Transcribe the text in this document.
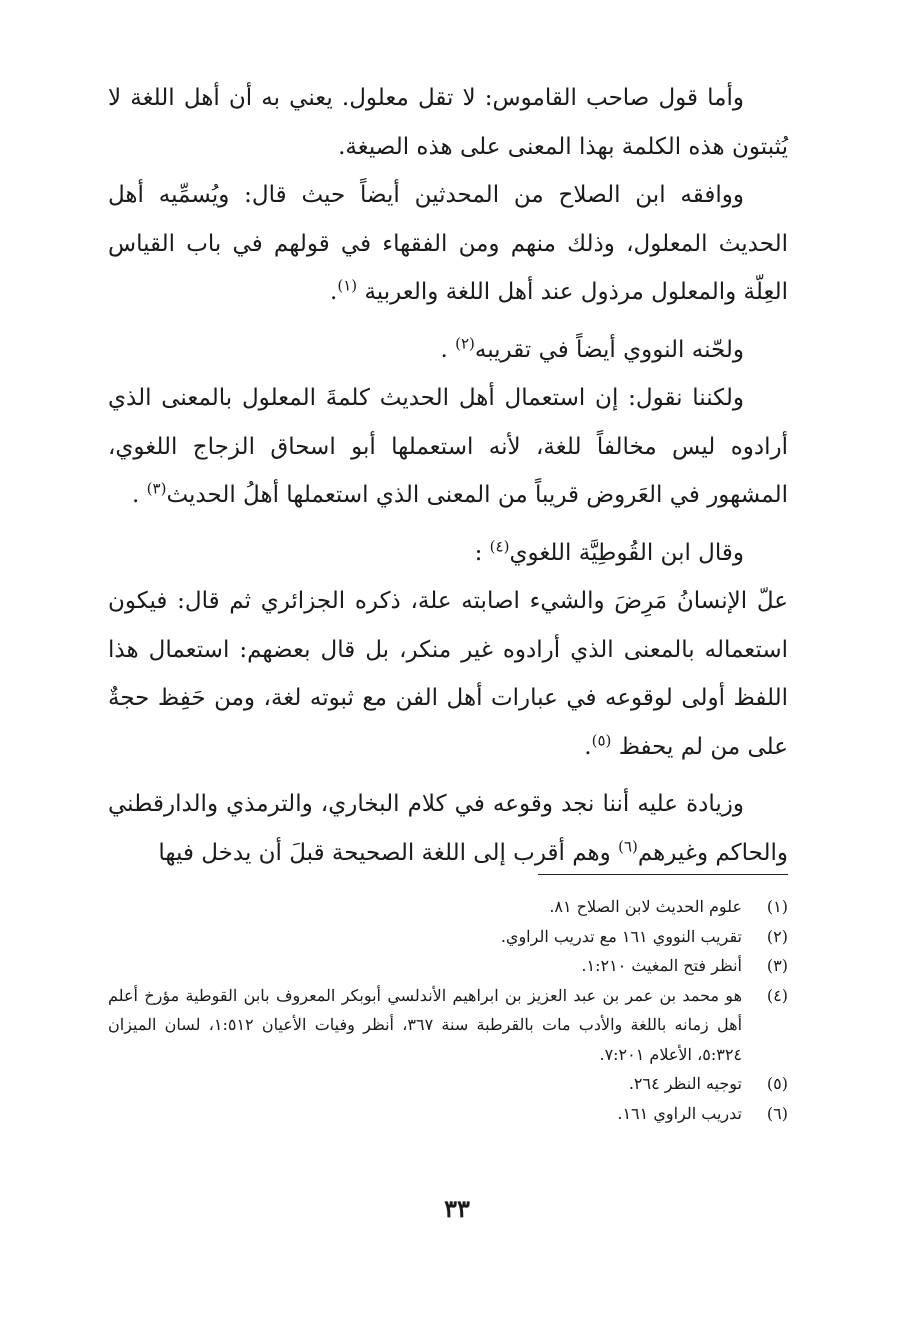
وأما قول صاحب القاموس: لا تقل معلول. يعني به أن أهل اللغة لا يُثبتون هذه الكلمة بهذا المعنى على هذه الصيغة.

ووافقه ابن الصلاح من المحدثين أيضاً حيث قال: ويُسمِّيه أهل الحديث المعلول، وذلك منهم ومن الفقهاء في قولهم في باب القياس العِلّة والمعلول مرذول عند أهل اللغة والعربية $^{(١)}$.

ولحّنه النووي أيضاً في تقريبه$^{(٢)}$ .

ولكننا نقول: إن استعمال أهل الحديث كلمةَ المعلول بالمعنى الذي أرادوه ليس مخالفاً للغة، لأنه استعملها أبو اسحاق الزجاج اللغوي، المشهور في العَروض قريباً من المعنى الذي استعملها أهلُ الحديث$^{(٣)}$ .

وقال ابن القُوطِيَّة اللغوي$^{(٤)}$ :

علّ الإنسانُ مَرِضَ والشيء اصابته علة، ذكره الجزائري ثم قال: فيكون استعماله بالمعنى الذي أرادوه غير منكر، بل قال بعضهم: استعمال هذا اللفظ أولى لوقوعه في عبارات أهل الفن مع ثبوته لغة، ومن حَفِظ حجةٌ على من لم يحفظ $^{(٥)}$.

وزيادة عليه أننا نجد وقوعه في كلام البخاري، والترمذي والدارقطني والحاكم وغيرهم$^{(٦)}$ وهم أقرب إلى اللغة الصحيحة قبلَ أن يدخل فيها

(١)
علوم الحديث لابن الصلاح ٨١.
(٢)
تقريب النووي ١٦١ مع تدريب الراوي.
(٣)
أنظر فتح المغيث ١:٢١٠.
(٤)
هو محمد بن عمر بن عبد العزيز بن ابراهيم الأندلسي أبوبكر المعروف بابن القوطية مؤرخ أعلم أهل زمانه باللغة والأدب مات بالقرطبة سنة ٣٦٧، أنظر وفيات الأعيان ١:٥١٢، لسان الميزان ٥:٣٢٤، الأعلام ٧:٢٠١.
(٥)
توجيه النظر ٢٦٤.
(٦)
تدريب الراوي ١٦١.
٣٣
